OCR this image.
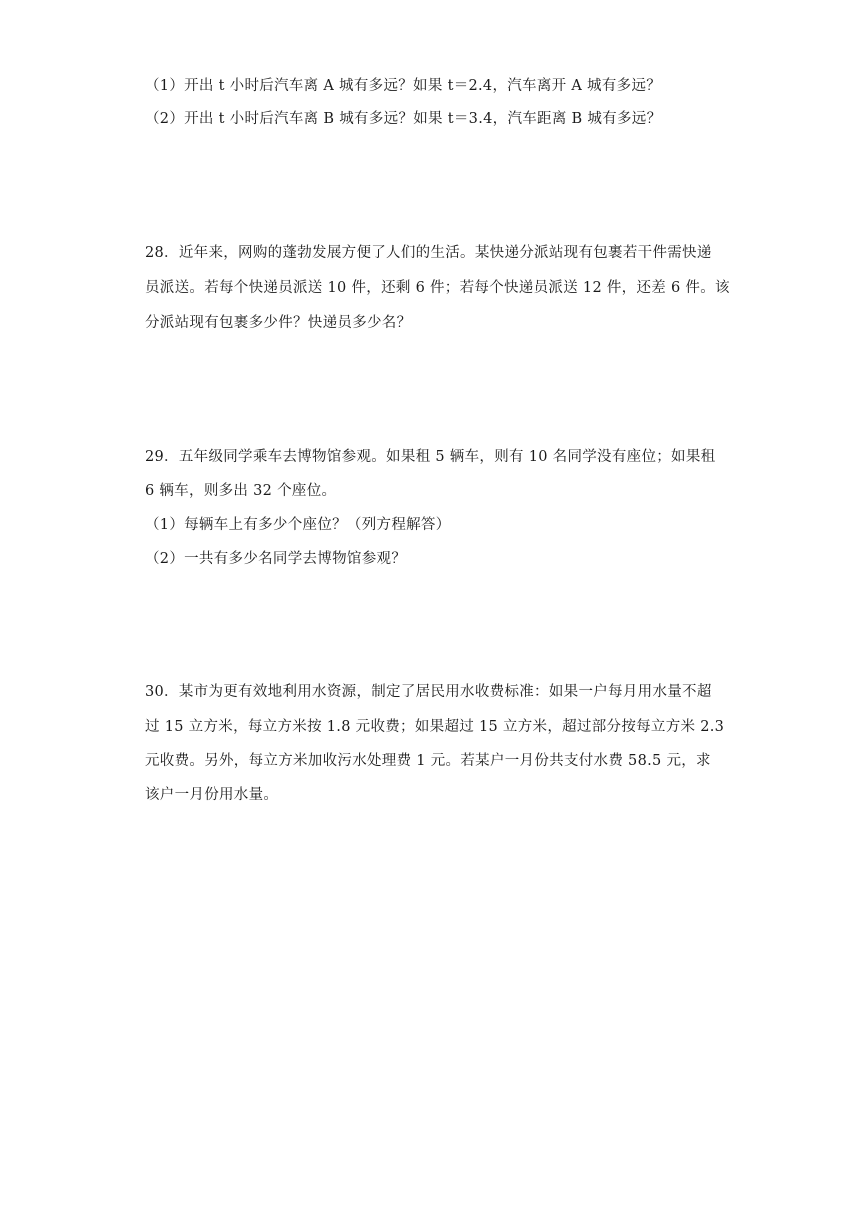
（1）开出 t 小时后汽车离 A 城有多远？如果 t＝2.4，汽车离开 A 城有多远？
（2）开出 t 小时后汽车离 B 城有多远？如果 t＝3.4，汽车距离 B 城有多远？
28．近年来，网购的蓬勃发展方便了人们的生活。某快递分派站现有包裹若干件需快递
员派送。若每个快递员派送 10 件，还剩 6 件；若每个快递员派送 12 件，还差 6 件。该
分派站现有包裹多少件？快递员多少名？
29．五年级同学乘车去博物馆参观。如果租 5 辆车，则有 10 名同学没有座位；如果租
6 辆车，则多出 32 个座位。
（1）每辆车上有多少个座位？（列方程解答）
（2）一共有多少名同学去博物馆参观？
30．某市为更有效地利用水资源，制定了居民用水收费标准：如果一户每月用水量不超
过 15 立方米，每立方米按 1.8 元收费；如果超过 15 立方米，超过部分按每立方米 2.3
元收费。另外，每立方米加收污水处理费 1 元。若某户一月份共支付水费 58.5 元，求
该户一月份用水量。
